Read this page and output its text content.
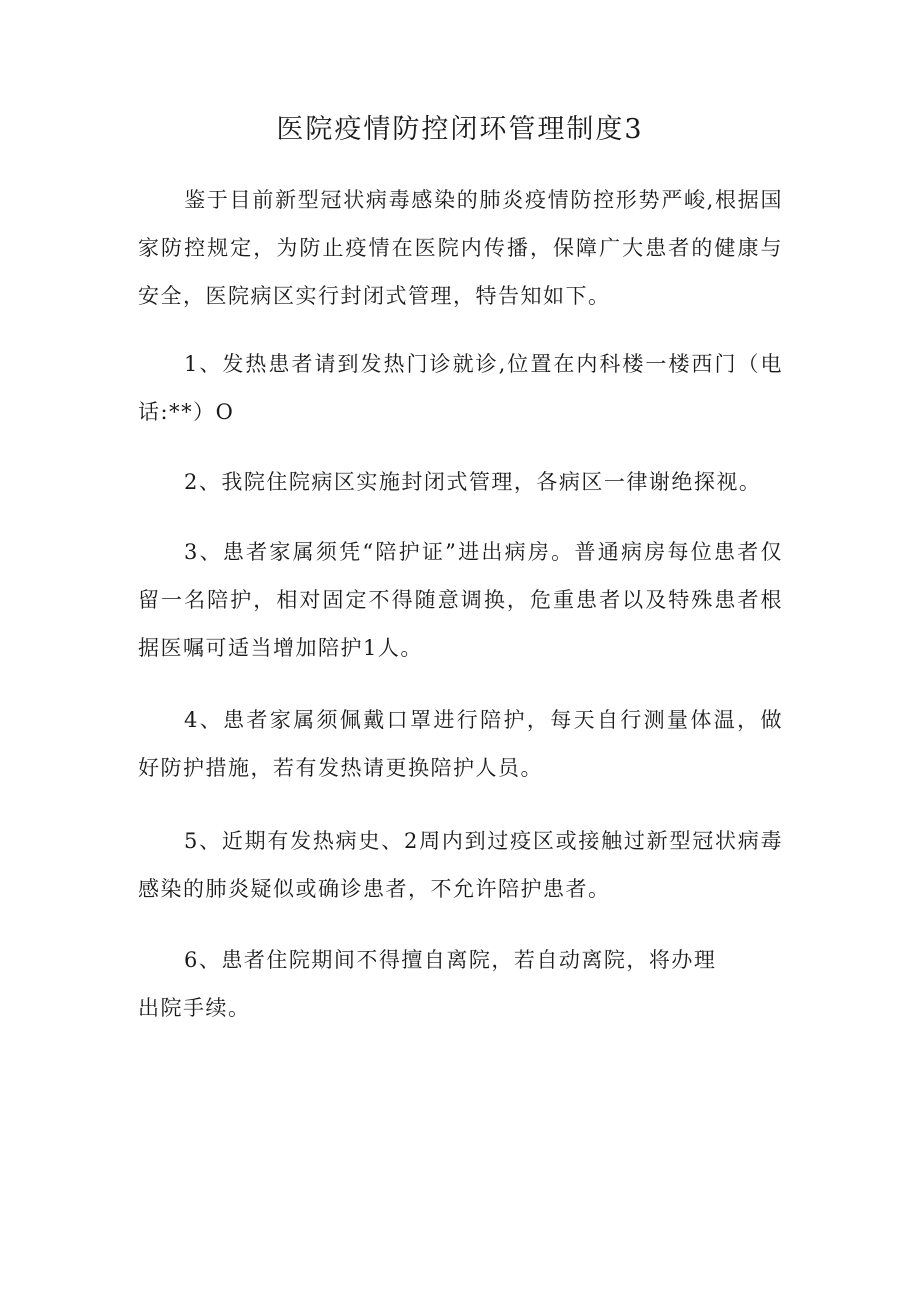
医院疫情防控闭环管理制度3

鉴于目前新型冠状病毒感染的肺炎疫情防控形势严峻,根据国家防控规定，为防止疫情在医院内传播，保障广大患者的健康与安全，医院病区实行封闭式管理，特告知如下。

1、发热患者请到发热门诊就诊,位置在内科楼一楼西门（电话:**）O

2、我院住院病区实施封闭式管理，各病区一律谢绝探视。

3、患者家属须凭“陪护证”进出病房。普通病房每位患者仅留一名陪护，相对固定不得随意调换，危重患者以及特殊患者根据医嘱可适当增加陪护1人。

4、患者家属须佩戴口罩进行陪护，每天自行测量体温，做好防护措施，若有发热请更换陪护人员。

5、近期有发热病史、2周内到过疫区或接触过新型冠状病毒感染的肺炎疑似或确诊患者，不允许陪护患者。

6、患者住院期间不得擅自离院，若自动离院，将办理
出院手续。
